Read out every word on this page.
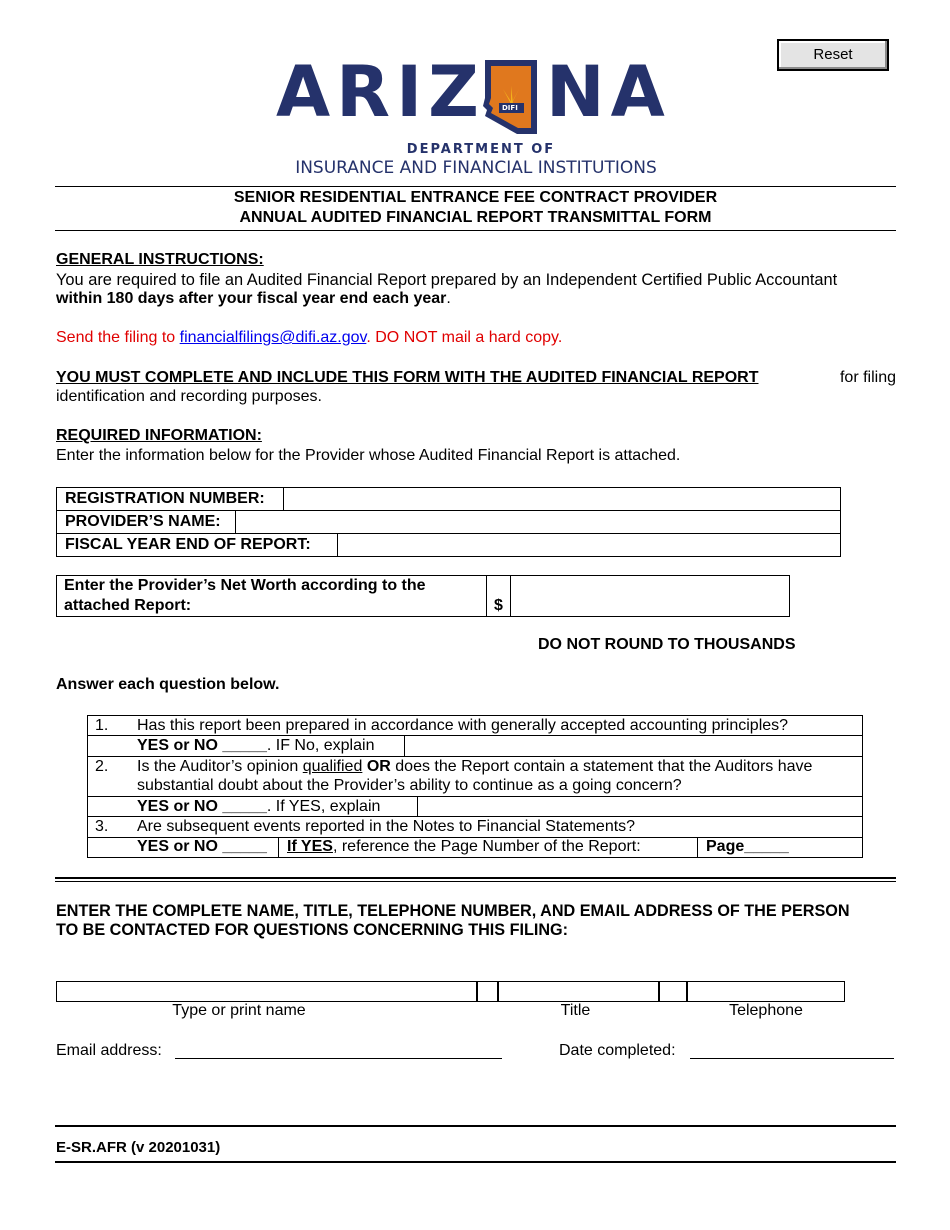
Reset
ARIZ DIFI NA
DEPARTMENT OF
INSURANCE AND FINANCIAL INSTITUTIONS
SENIOR RESIDENTIAL ENTRANCE FEE CONTRACT PROVIDER
ANNUAL AUDITED FINANCIAL REPORT TRANSMITTAL FORM
GENERAL INSTRUCTIONS:
You are required to file an Audited Financial Report prepared by an Independent Certified Public Accountant
within 180 days after your fiscal year end each year.
Send the filing to financialfilings@difi.az.gov. DO NOT mail a hard copy.
YOU MUST COMPLETE AND INCLUDE THIS FORM WITH THE AUDITED FINANCIAL REPORT	for filing
identification and recording purposes.
REQUIRED INFORMATION:
Enter the information below for the Provider whose Audited Financial Report is attached.
REGISTRATION NUMBER:
PROVIDER’S NAME:
FISCAL YEAR END OF REPORT:
Enter the Provider’s Net Worth according to the
attached Report:	$
DO NOT ROUND TO THOUSANDS
Answer each question below.
1. Has this report been prepared in accordance with generally accepted accounting principles?
YES or NO _____. IF No, explain
2. Is the Auditor’s opinion qualified OR does the Report contain a statement that the Auditors have
substantial doubt about the Provider’s ability to continue as a going concern?
YES or NO _____. If YES, explain
3. Are subsequent events reported in the Notes to Financial Statements?
YES or NO _____ If YES, reference the Page Number of the Report:	Page_____
ENTER THE COMPLETE NAME, TITLE, TELEPHONE NUMBER, AND EMAIL ADDRESS OF THE PERSON
TO BE CONTACTED FOR QUESTIONS CONCERNING THIS FILING:
Type or print name	Title	Telephone
Email address:	Date completed:
E-SR.AFR (v 20201031)
